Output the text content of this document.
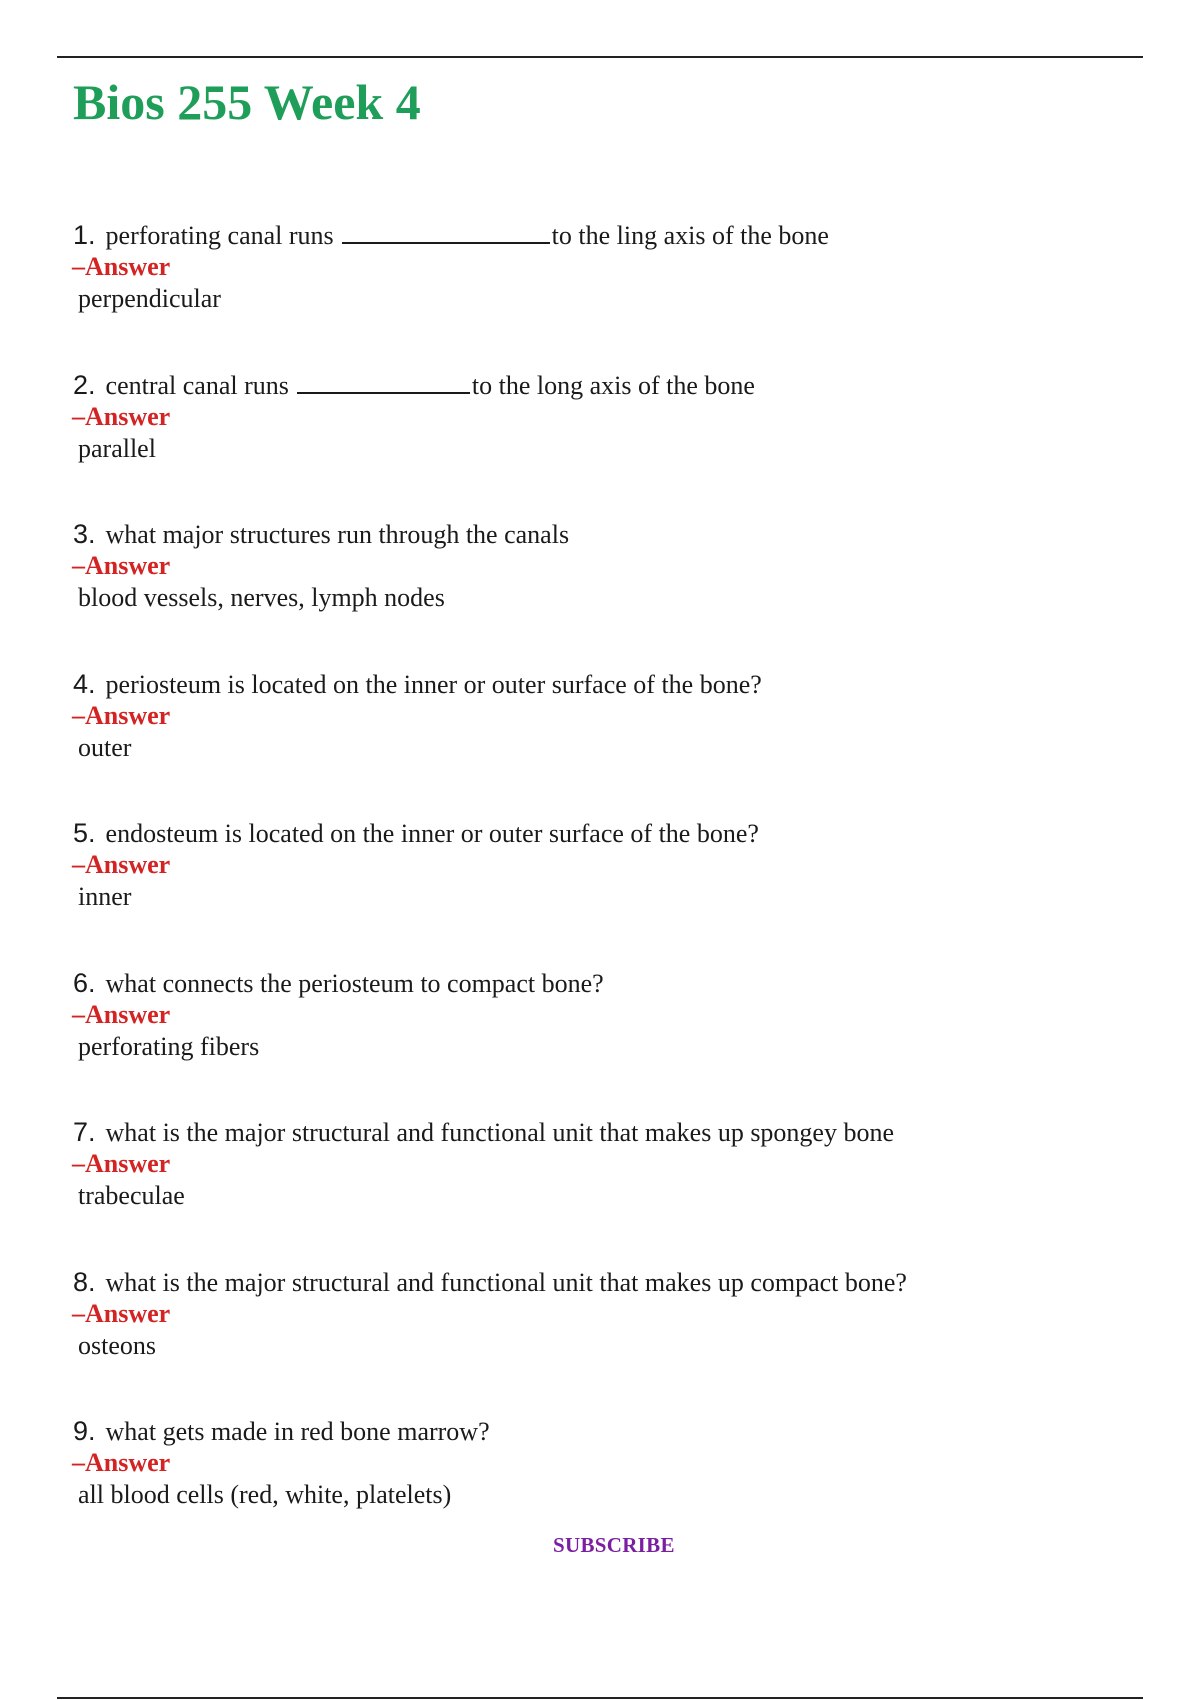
Bios 255 Week 4
1. perforating canal runs	to the ling axis of the bone
–Answer
perpendicular
2. central canal runs	to the long axis of the bone
–Answer
parallel
3. what major structures run through the canals
–Answer
blood vessels, nerves, lymph nodes
4. periosteum is located on the inner or outer surface of the bone?
–Answer
outer
5. endosteum is located on the inner or outer surface of the bone?
–Answer
inner
6. what connects the periosteum to compact bone?
–Answer
perforating fibers
7. what is the major structural and functional unit that makes up spongey bone
–Answer
trabeculae
8. what is the major structural and functional unit that makes up compact bone?
–Answer
osteons
9. what gets made in red bone marrow?
–Answer
all blood cells (red, white, platelets)
SUBSCRIBE
